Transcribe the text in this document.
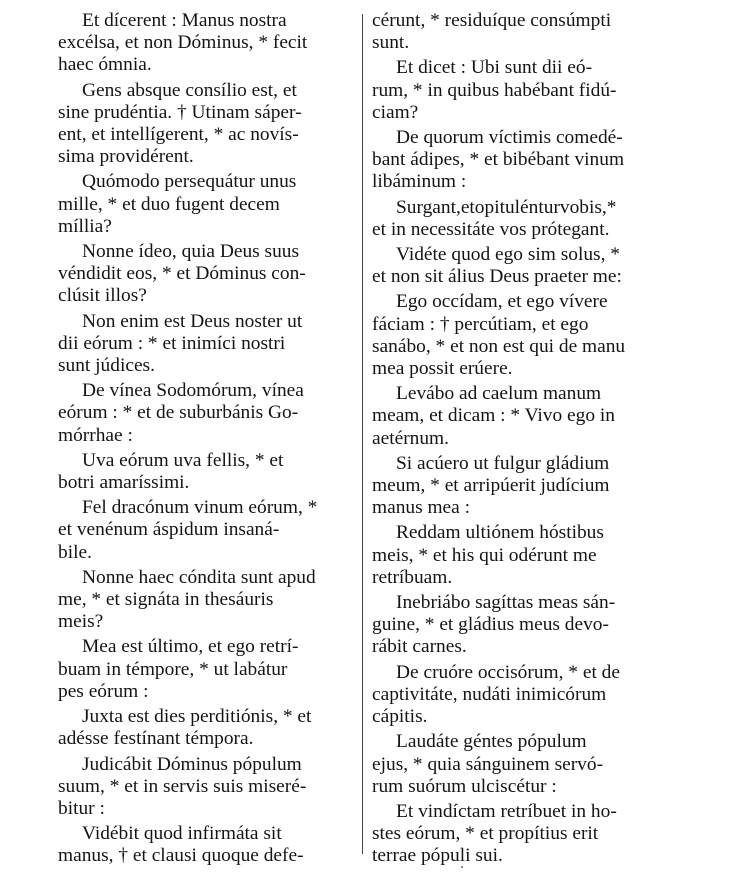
Et dícerent : Manus nostra
excélsa, et non Dóminus, * fecit
haec ómnia.

Gens absque consílio est, et
sine prudéntia. † Utinam sáper-
ent, et intellígerent, * ac novís-
sima providérent.

Quómodo persequátur unus
mille, * et duo fugent decem
míllia?

Nonne ídeo, quia Deus suus
véndidit eos, * et Dóminus con-
clúsit illos?

Non enim est Deus noster ut
dii eórum : * et inimíci nostri
sunt júdices.

De vínea Sodomórum, vínea
eórum : * et de suburbánis Go-
mórrhae :

Uva eórum uva fellis, * et
botri amaríssimi.

Fel dracónum vinum eórum, *
et venénum áspidum insaná-
bile.

Nonne haec cóndita sunt apud
me, * et signáta in thesáuris
meis?

Mea est último, et ego retrí-
buam in témpore, * ut labátur
pes eórum :

Juxta est dies perditiónis, * et
adésse festínant témpora.

Judicábit Dóminus pópulum
suum, * et in servis suis miseré-
bitur :

Vidébit quod infirmáta sit
manus, † et clausi quoque defe-

cérunt, * residuíque consúmpti
sunt.

Et dicet : Ubi sunt dii eó-
rum, * in quibus habébant fidú-
ciam?

De quorum víctimis comedé-
bant ádipes, * et bibébant vinum
libáminum :

Surgant,etopitulénturvobis,*
et in necessitáte vos prótegant.

Vidéte quod ego sim solus, *
et non sit álius Deus praeter me:

Ego occídam, et ego vívere
fáciam : † percútiam, et ego
sanábo, * et non est qui de manu
mea possit erúere.

Levábo ad caelum manum
meam, et dicam : * Vivo ego in
aetérnum.

Si acúero ut fulgur gládium
meum, * et arripúerit judícium
manus mea :

Reddam ultiónem hóstibus
meis, * et his qui odérunt me
retríbuam.

Inebriábo sagíttas meas sán-
guine, * et gládius meus devo-
rábit carnes.

De cruóre occisórum, * et de
captivitáte, nudáti inimicórum
cápitis.

Laudáte géntes pópulum
ejus, * quia sánguinem servó-
rum suórum ulciscétur :

Et vindíctam retríbuet in ho-
stes eórum, * et propítius erit
terrae pópuli sui.
